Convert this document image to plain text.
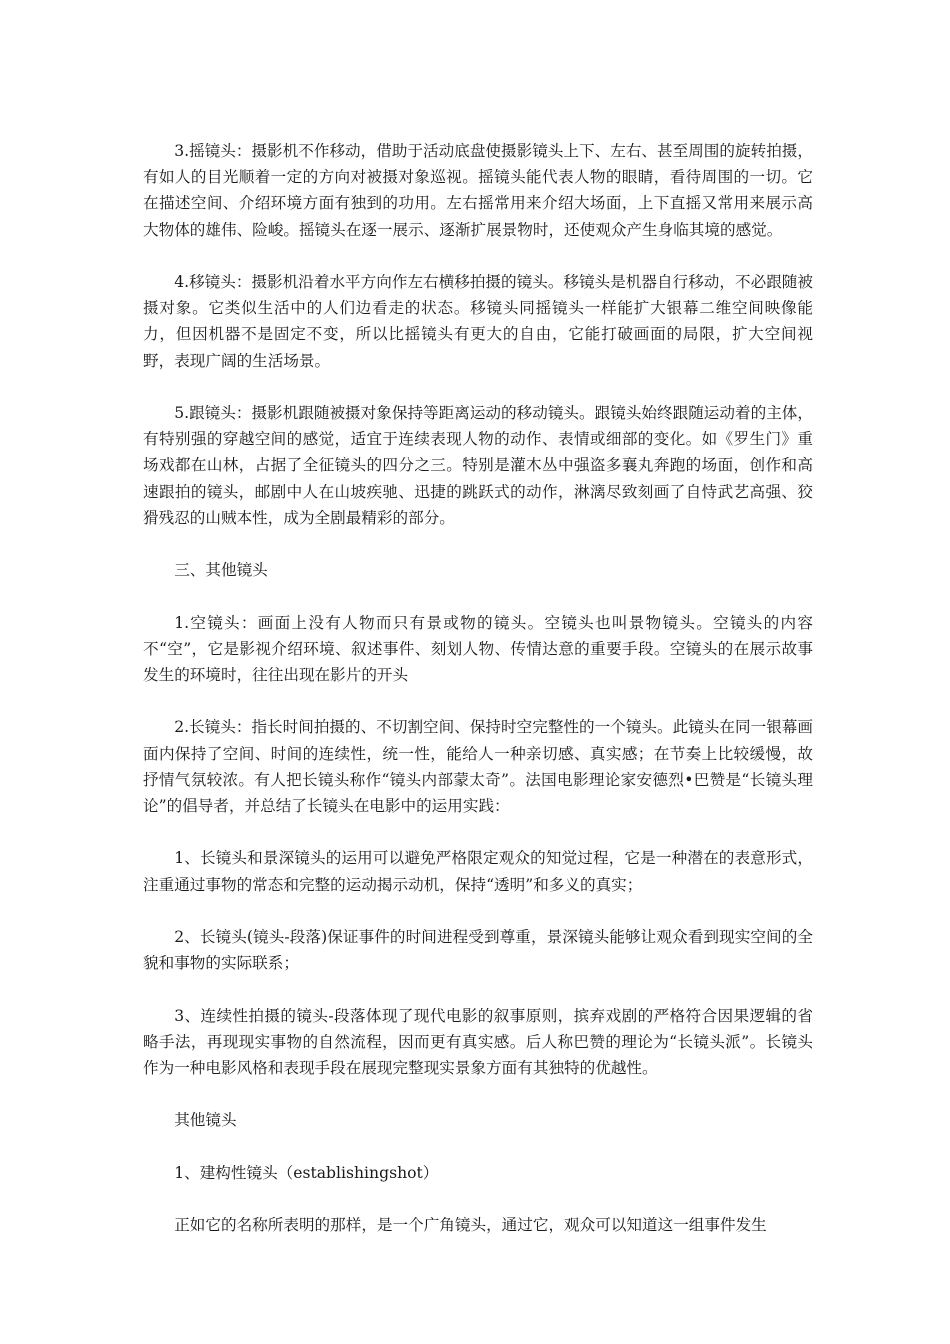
3.摇镜头：摄影机不作移动，借助于活动底盘使摄影镜头上下、左右、甚至周围的旋转拍摄，有如人的目光顺着一定的方向对被摄对象巡视。摇镜头能代表人物的眼睛，看待周围的一切。它在描述空间、介绍环境方面有独到的功用。左右摇常用来介绍大场面，上下直摇又常用来展示高大物体的雄伟、险峻。摇镜头在逐一展示、逐渐扩展景物时，还使观众产生身临其境的感觉。

4.移镜头：摄影机沿着水平方向作左右横移拍摄的镜头。移镜头是机器自行移动，不必跟随被摄对象。它类似生活中的人们边看走的状态。移镜头同摇镜头一样能扩大银幕二维空间映像能力，但因机器不是固定不变，所以比摇镜头有更大的自由，它能打破画面的局限，扩大空间视野，表现广阔的生活场景。

5.跟镜头：摄影机跟随被摄对象保持等距离运动的移动镜头。跟镜头始终跟随运动着的主体，有特别强的穿越空间的感觉，适宜于连续表现人物的动作、表情或细部的变化。如《罗生门》重场戏都在山林，占据了全征镜头的四分之三。特别是灌木丛中强盗多襄丸奔跑的场面，创作和高速跟拍的镜头，邮剧中人在山坡疾驰、迅捷的跳跃式的动作，淋漓尽致刻画了自恃武艺高强、狡猾残忍的山贼本性，成为全剧最精彩的部分。

三、其他镜头

1.空镜头：画面上没有人物而只有景或物的镜头。空镜头也叫景物镜头。空镜头的内容不“空”，它是影视介绍环境、叙述事件、刻划人物、传情达意的重要手段。空镜头的在展示故事发生的环境时，往往出现在影片的开头

2.长镜头：指长时间拍摄的、不切割空间、保持时空完整性的一个镜头。此镜头在同一银幕画面内保持了空间、时间的连续性，统一性，能给人一种亲切感、真实感；在节奏上比较缓慢，故抒情气氛较浓。有人把长镜头称作“镜头内部蒙太奇”。法国电影理论家安德烈•巴赞是“长镜头理论”的倡导者，并总结了长镜头在电影中的运用实践：

1、长镜头和景深镜头的运用可以避免严格限定观众的知觉过程，它是一种潜在的表意形式，注重通过事物的常态和完整的运动揭示动机，保持“透明”和多义的真实；

2、长镜头(镜头-段落)保证事件的时间进程受到尊重，景深镜头能够让观众看到现实空间的全貌和事物的实际联系；

3、连续性拍摄的镜头-段落体现了现代电影的叙事原则，摈弃戏剧的严格符合因果逻辑的省略手法，再现现实事物的自然流程，因而更有真实感。后人称巴赞的理论为“长镜头派”。长镜头作为一种电影风格和表现手段在展现完整现实景象方面有其独特的优越性。

其他镜头

1、建构性镜头（establishingshot）

正如它的名称所表明的那样，是一个广角镜头，通过它，观众可以知道这一组事件发生
